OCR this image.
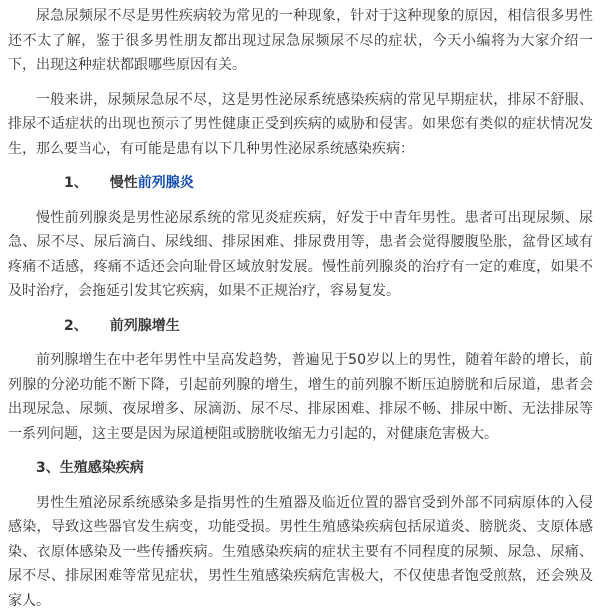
尿急尿频尿不尽是男性疾病较为常见的一种现象，针对于这种现象的原因，相信很多男性还不太了解，鉴于很多男性朋友都出现过尿急尿频尿不尽的症状，今天小编将为大家介绍一下，出现这种症状都跟哪些原因有关。

一般来讲，尿频尿急尿不尽，这是男性泌尿系统感染疾病的常见早期症状，排尿不舒服、排尿不适症状的出现也预示了男性健康正受到疾病的威胁和侵害。如果您有类似的症状情况发生，那么要当心，有可能是患有以下几种男性泌尿系统感染疾病：

1、 慢性前列腺炎

慢性前列腺炎是男性泌尿系统的常见炎症疾病，好发于中青年男性。患者可出现尿频、尿急、尿不尽、尿后滴白、尿线细、排尿困难、排尿费用等，患者会觉得腰腹坠胀，盆骨区域有疼痛不适感，疼痛不适还会向耻骨区域放射发展。慢性前列腺炎的治疗有一定的难度，如果不及时治疗，会拖延引发其它疾病，如果不正规治疗，容易复发。

2、 前列腺增生

前列腺增生在中老年男性中呈高发趋势，普遍见于50岁以上的男性，随着年龄的增长，前列腺的分泌功能不断下降，引起前列腺的增生，增生的前列腺不断压迫膀胱和后尿道，患者会出现尿急、尿频、夜尿增多、尿滴沥、尿不尽、排尿困难、排尿不畅、排尿中断、无法排尿等一系列问题，这主要是因为尿道梗阻或膀胱收缩无力引起的，对健康危害极大。

3、生殖感染疾病

男性生殖泌尿系统感染多是指男性的生殖器及临近位置的器官受到外部不同病原体的入侵感染，导致这些器官发生病变，功能受损。男性生殖感染疾病包括尿道炎、膀胱炎、支原体感染、衣原体感染及一些传播疾病。生殖感染疾病的症状主要有不同程度的尿频、尿急、尿痛、尿不尽、排尿困难等常见症状，男性生殖感染疾病危害极大，不仅使患者饱受煎熬，还会殃及家人。
